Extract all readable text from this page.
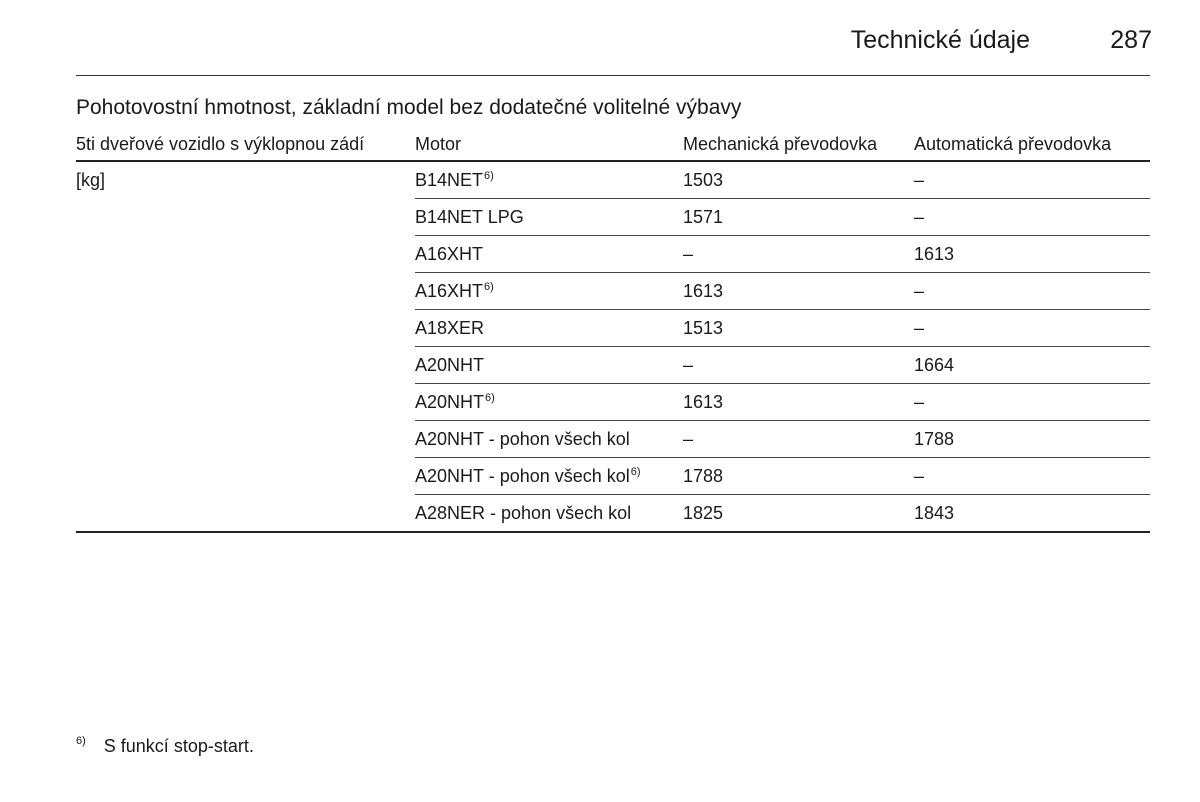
Technické údaje	287
Pohotovostní hmotnost, základní model bez dodatečné volitelné výbavy
5ti dveřové vozidlo s výklopnou zádí	Motor	Mechanická převodovka Automatická převodovka
[kg]	B14NET$^{6)}$	1503	–
B14NET LPG	1571	–
A16XHT	–	1613
A16XHT$^{6)}$	1613	–
A18XER	1513	–
A20NHT	–	1664
A20NHT$^{6)}$	1613	–
A20NHT - pohon všech kol	–	1788
A20NHT - pohon všech kol$^{6)}$ 1788	–
A28NER - pohon všech kol	1825	1843
$^{6)}$ S funkcí stop-start.
